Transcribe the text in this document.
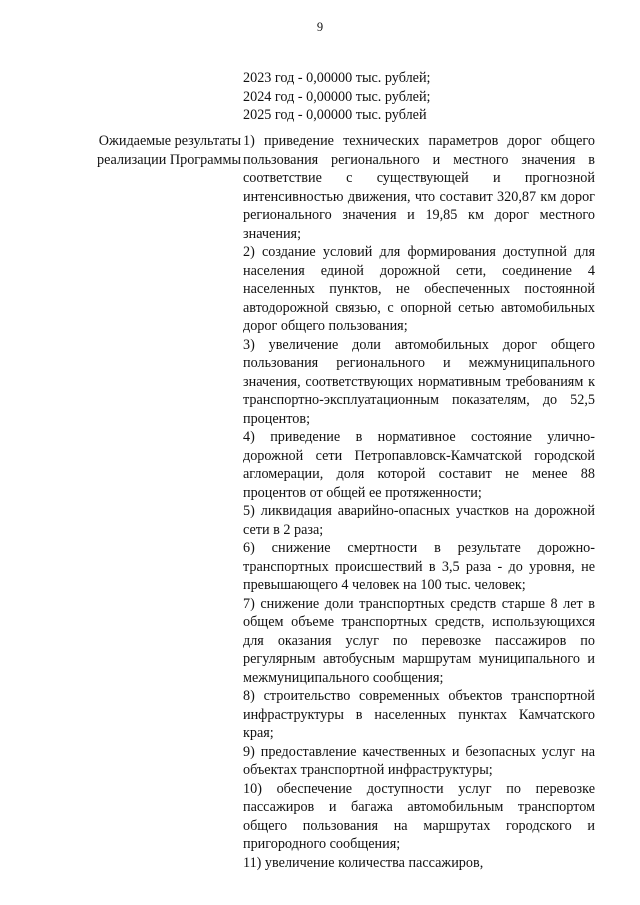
9
2023 год - 0,00000 тыс. рублей;
2024 год - 0,00000 тыс. рублей;
2025 год - 0,00000 тыс. рублей
Ожидаемые результаты реализации Программы
1) приведение технических параметров дорог общего пользования регионального и местного значения в соответствие с существующей и прогнозной интенсивностью движения, что составит 320,87 км дорог регионального значения и 19,85 км дорог местного значения;
2) создание условий для формирования доступной для населения единой дорожной сети, соединение 4 населенных пунктов, не обеспеченных постоянной автодорожной связью, с опорной сетью автомобильных дорог общего пользования;
3) увеличение доли автомобильных дорог общего пользования регионального и межмуниципального значения, соответствующих нормативным требованиям к транспортно-эксплуатационным показателям, до 52,5 процентов;
4) приведение в нормативное состояние улично-дорожной сети Петропавловск-Камчатской городской агломерации, доля которой составит не менее 88 процентов от общей ее протяженности;
5) ликвидация аварийно-опасных участков на дорожной сети в 2 раза;
6) снижение смертности в результате дорожно-транспортных происшествий в 3,5 раза - до уровня, не превышающего 4 человек на 100 тыс. человек;
7) снижение доли транспортных средств старше 8 лет в общем объеме транспортных средств, использующихся для оказания услуг по перевозке пассажиров по регулярным автобусным маршрутам муниципального и межмуниципального сообщения;
8) строительство современных объектов транспортной инфраструктуры в населенных пунктах Камчатского края;
9) предоставление качественных и безопасных услуг на объектах транспортной инфраструктуры;
10) обеспечение доступности услуг по перевозке пассажиров и багажа автомобильным транспортом общего пользования на маршрутах городского и пригородного сообщения;
11) увеличение количества пассажиров,
